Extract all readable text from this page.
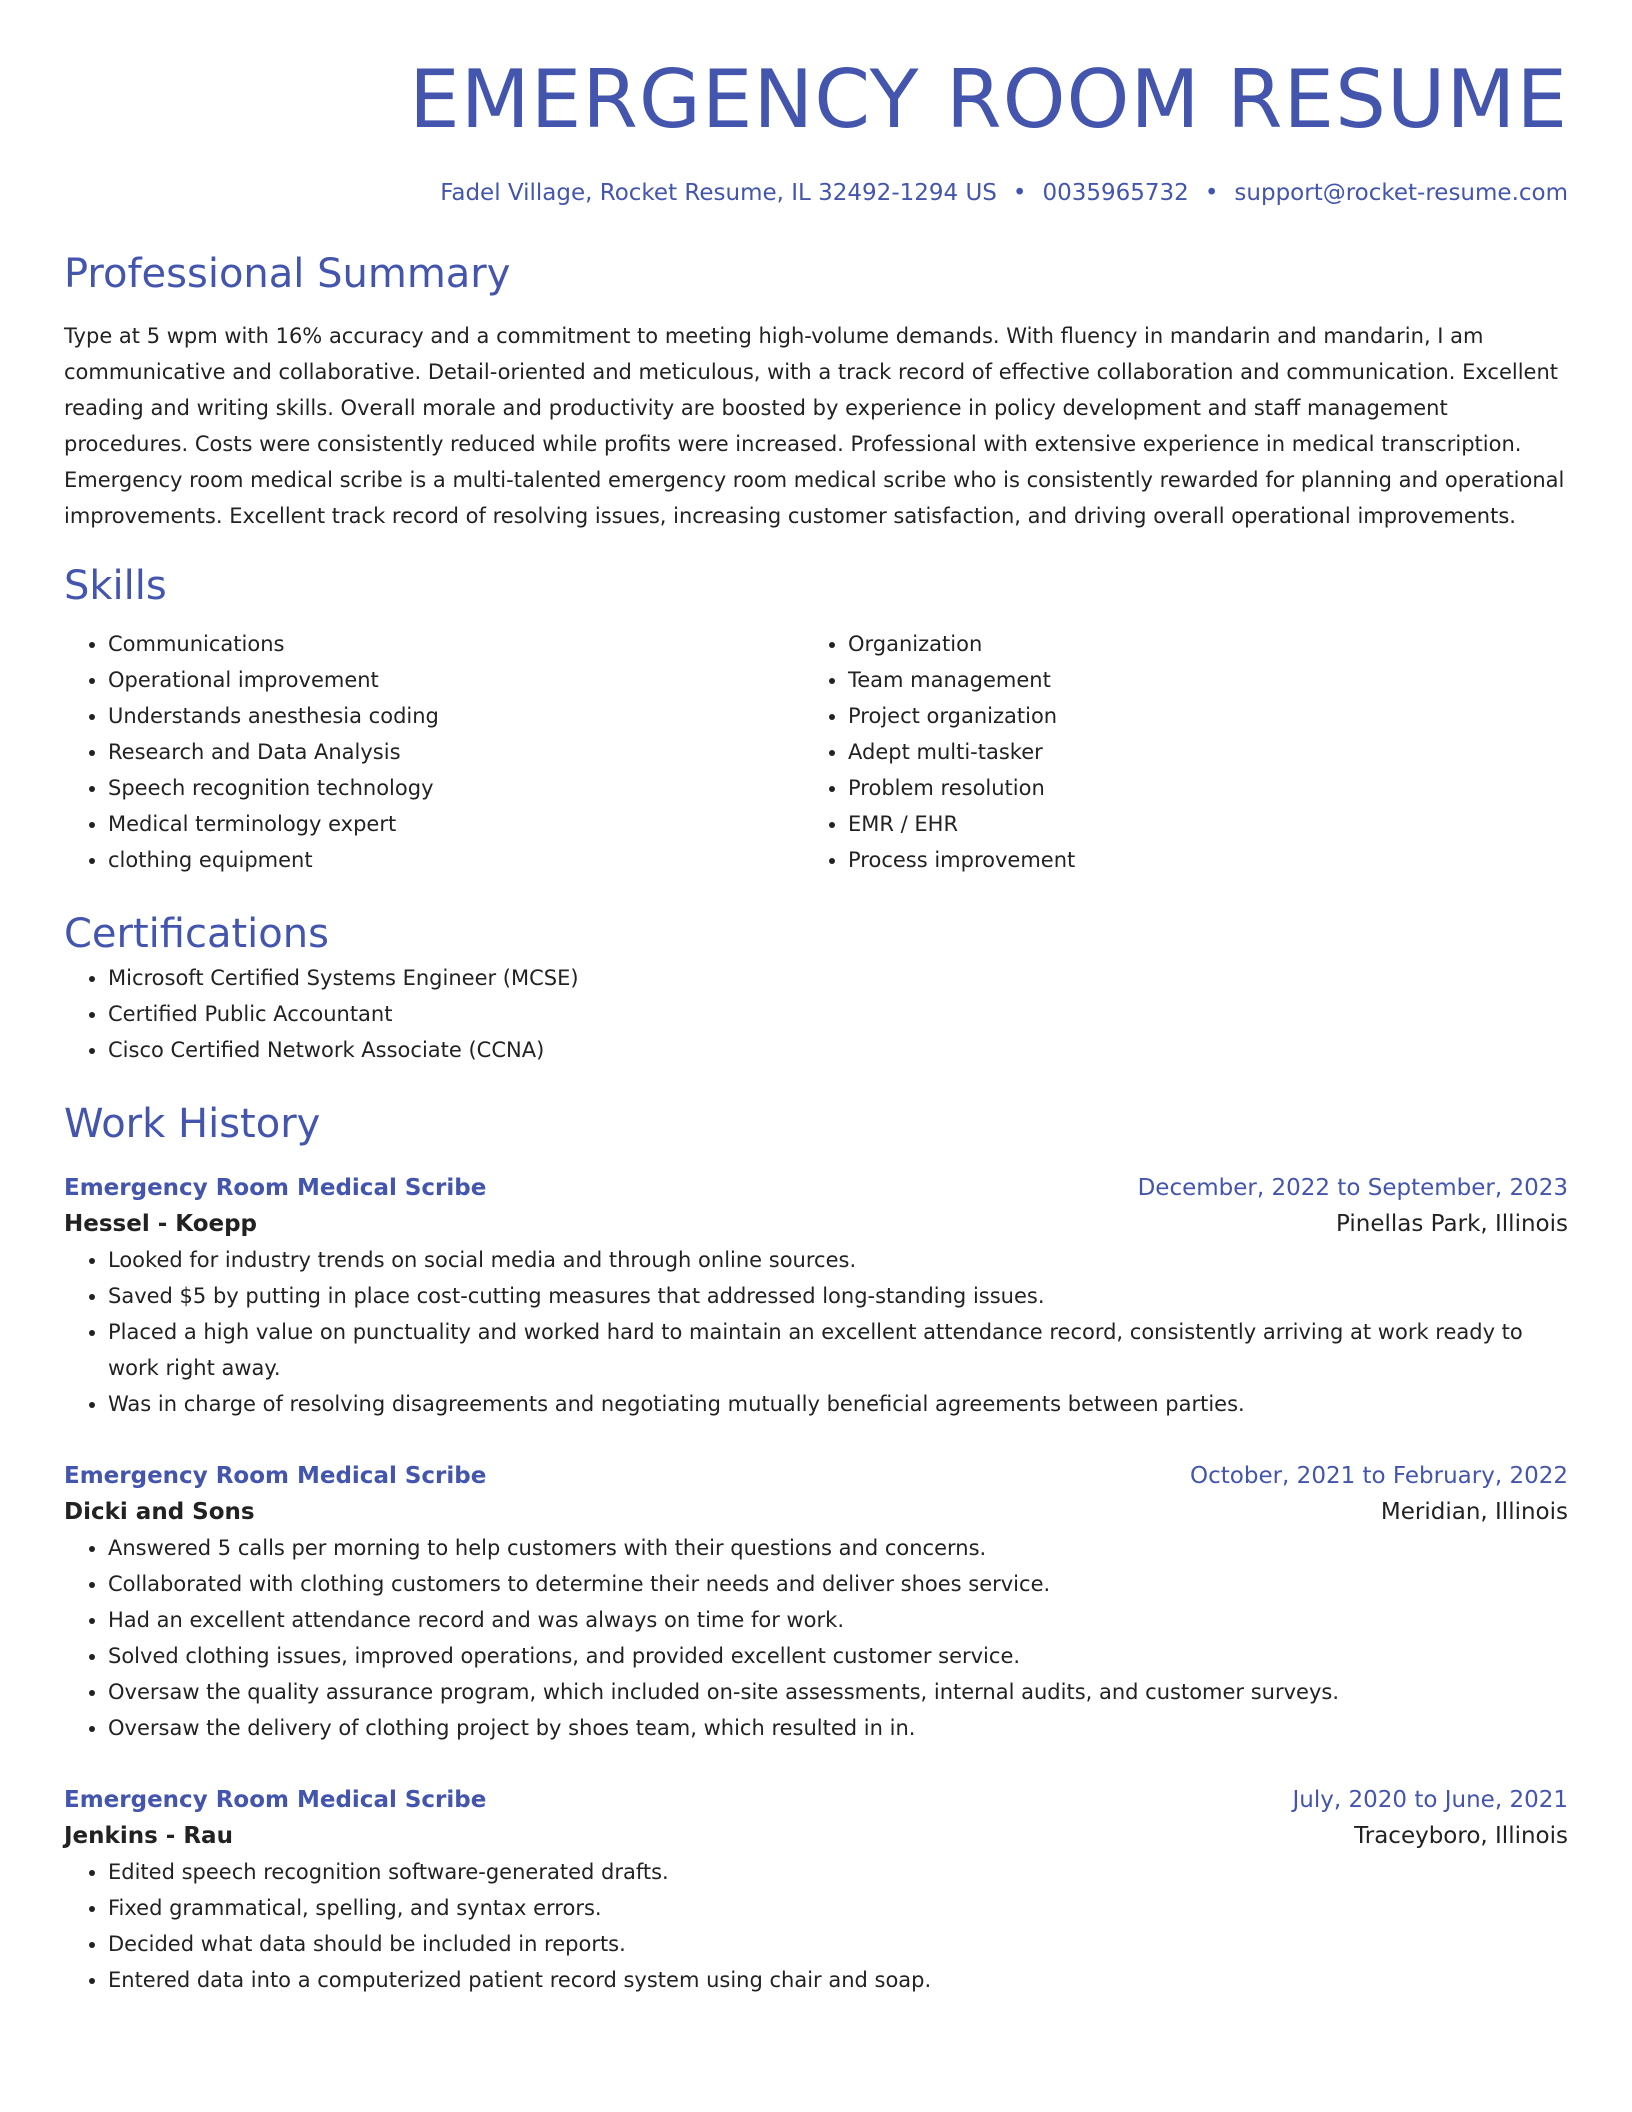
EMERGENCY ROOM RESUME
Fadel Village, Rocket Resume, IL 32492-1294 US • 0035965732 • support@rocket-resume.com
Professional Summary
Type at 5 wpm with 16% accuracy and a commitment to meeting high-volume demands. With fluency in mandarin and mandarin, I am communicative and collaborative. Detail-oriented and meticulous, with a track record of effective collaboration and communication. Excellent reading and writing skills. Overall morale and productivity are boosted by experience in policy development and staff management procedures. Costs were consistently reduced while profits were increased. Professional with extensive experience in medical transcription. Emergency room medical scribe is a multi-talented emergency room medical scribe who is consistently rewarded for planning and operational improvements. Excellent track record of resolving issues, increasing customer satisfaction, and driving overall operational improvements.
Skills
• Communications
• Operational improvement
• Understands anesthesia coding
• Research and Data Analysis
• Speech recognition technology
• Medical terminology expert
• clothing equipment
• Organization
• Team management
• Project organization
• Adept multi-tasker
• Problem resolution
• EMR / EHR
• Process improvement
Certifications
• Microsoft Certified Systems Engineer (MCSE)
• Certified Public Accountant
• Cisco Certified Network Associate (CCNA)
Work History
Emergency Room Medical Scribe	December, 2022 to September, 2023
Hessel - Koepp	Pinellas Park, Illinois
• Looked for industry trends on social media and through online sources.
• Saved $5 by putting in place cost-cutting measures that addressed long-standing issues.
• Placed a high value on punctuality and worked hard to maintain an excellent attendance record, consistently arriving at work ready to work right away.
• Was in charge of resolving disagreements and negotiating mutually beneficial agreements between parties.
Emergency Room Medical Scribe	October, 2021 to February, 2022
Dicki and Sons	Meridian, Illinois
• Answered 5 calls per morning to help customers with their questions and concerns.
• Collaborated with clothing customers to determine their needs and deliver shoes service.
• Had an excellent attendance record and was always on time for work.
• Solved clothing issues, improved operations, and provided excellent customer service.
• Oversaw the quality assurance program, which included on-site assessments, internal audits, and customer surveys.
• Oversaw the delivery of clothing project by shoes team, which resulted in in.
Emergency Room Medical Scribe	July, 2020 to June, 2021
Jenkins - Rau	Traceyboro, Illinois
• Edited speech recognition software-generated drafts.
• Fixed grammatical, spelling, and syntax errors.
• Decided what data should be included in reports.
• Entered data into a computerized patient record system using chair and soap.
